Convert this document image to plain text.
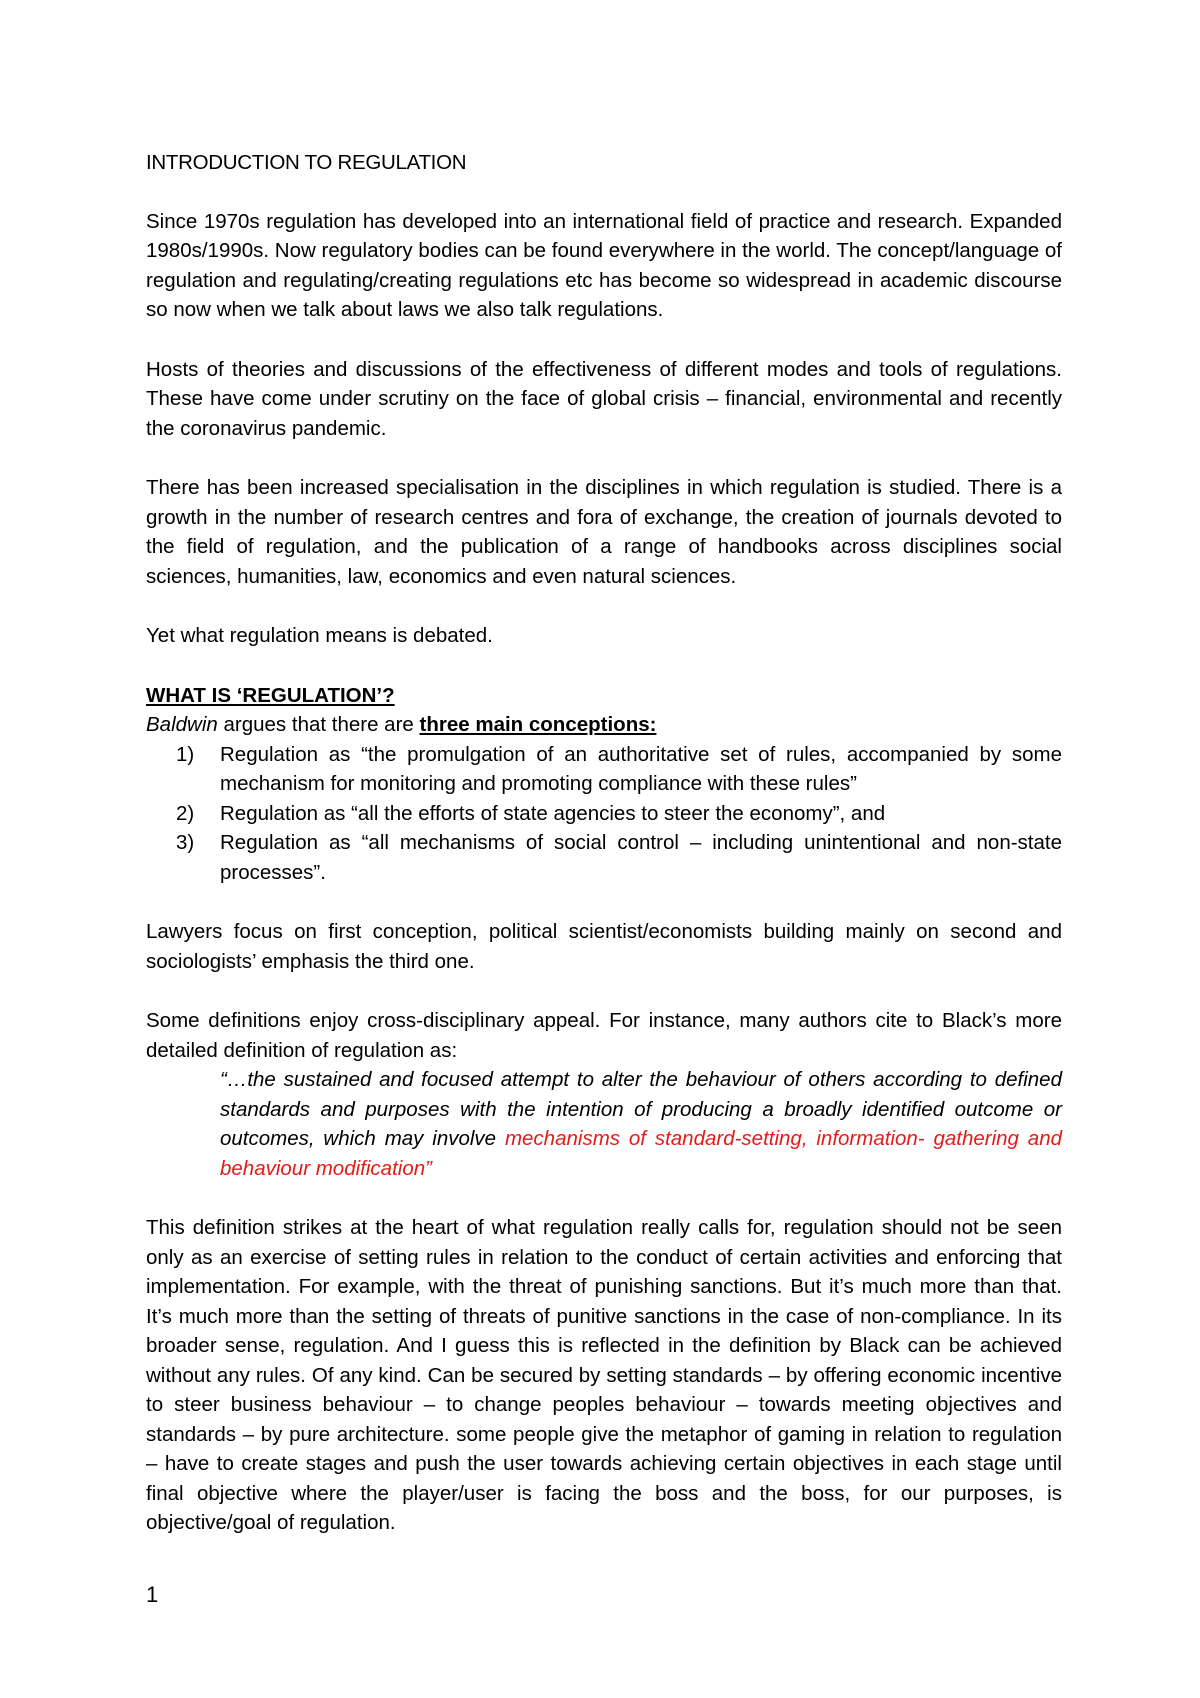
INTRODUCTION TO REGULATION

Since 1970s regulation has developed into an international field of practice and research. Expanded 1980s/1990s. Now regulatory bodies can be found everywhere in the world. The concept/language of regulation and regulating/creating regulations etc has become so widespread in academic discourse so now when we talk about laws we also talk regulations.

Hosts of theories and discussions of the effectiveness of different modes and tools of regulations. These have come under scrutiny on the face of global crisis – financial, environmental and recently the coronavirus pandemic.

There has been increased specialisation in the disciplines in which regulation is studied. There is a growth in the number of research centres and fora of exchange, the creation of journals devoted to the field of regulation, and the publication of a range of handbooks across disciplines social sciences, humanities, law, economics and even natural sciences.

Yet what regulation means is debated.

WHAT IS ‘REGULATION’?

Baldwin argues that there are three main conceptions:

1) Regulation as “the promulgation of an authoritative set of rules, accompanied by some mechanism for monitoring and promoting compliance with these rules”
2) Regulation as “all the efforts of state agencies to steer the economy”, and
3) Regulation as “all mechanisms of social control – including unintentional and non-state processes”.

Lawyers focus on first conception, political scientist/economists building mainly on second and sociologists’ emphasis the third one.

Some definitions enjoy cross-disciplinary appeal. For instance, many authors cite to Black’s more detailed definition of regulation as:

“…the sustained and focused attempt to alter the behaviour of others according to defined standards and purposes with the intention of producing a broadly identified outcome or outcomes, which may involve mechanisms of standard-setting, information- gathering and behaviour modification”

This definition strikes at the heart of what regulation really calls for, regulation should not be seen only as an exercise of setting rules in relation to the conduct of certain activities and enforcing that implementation. For example, with the threat of punishing sanctions. But it’s much more than that. It’s much more than the setting of threats of punitive sanctions in the case of non-compliance. In its broader sense, regulation. And I guess this is reflected in the definition by Black can be achieved without any rules. Of any kind. Can be secured by setting standards – by offering economic incentive to steer business behaviour – to change peoples behaviour – towards meeting objectives and standards – by pure architecture. some people give the metaphor of gaming in relation to regulation – have to create stages and push the user towards achieving certain objectives in each stage until final objective where the player/user is facing the boss and the boss, for our purposes, is objective/goal of regulation.

1
